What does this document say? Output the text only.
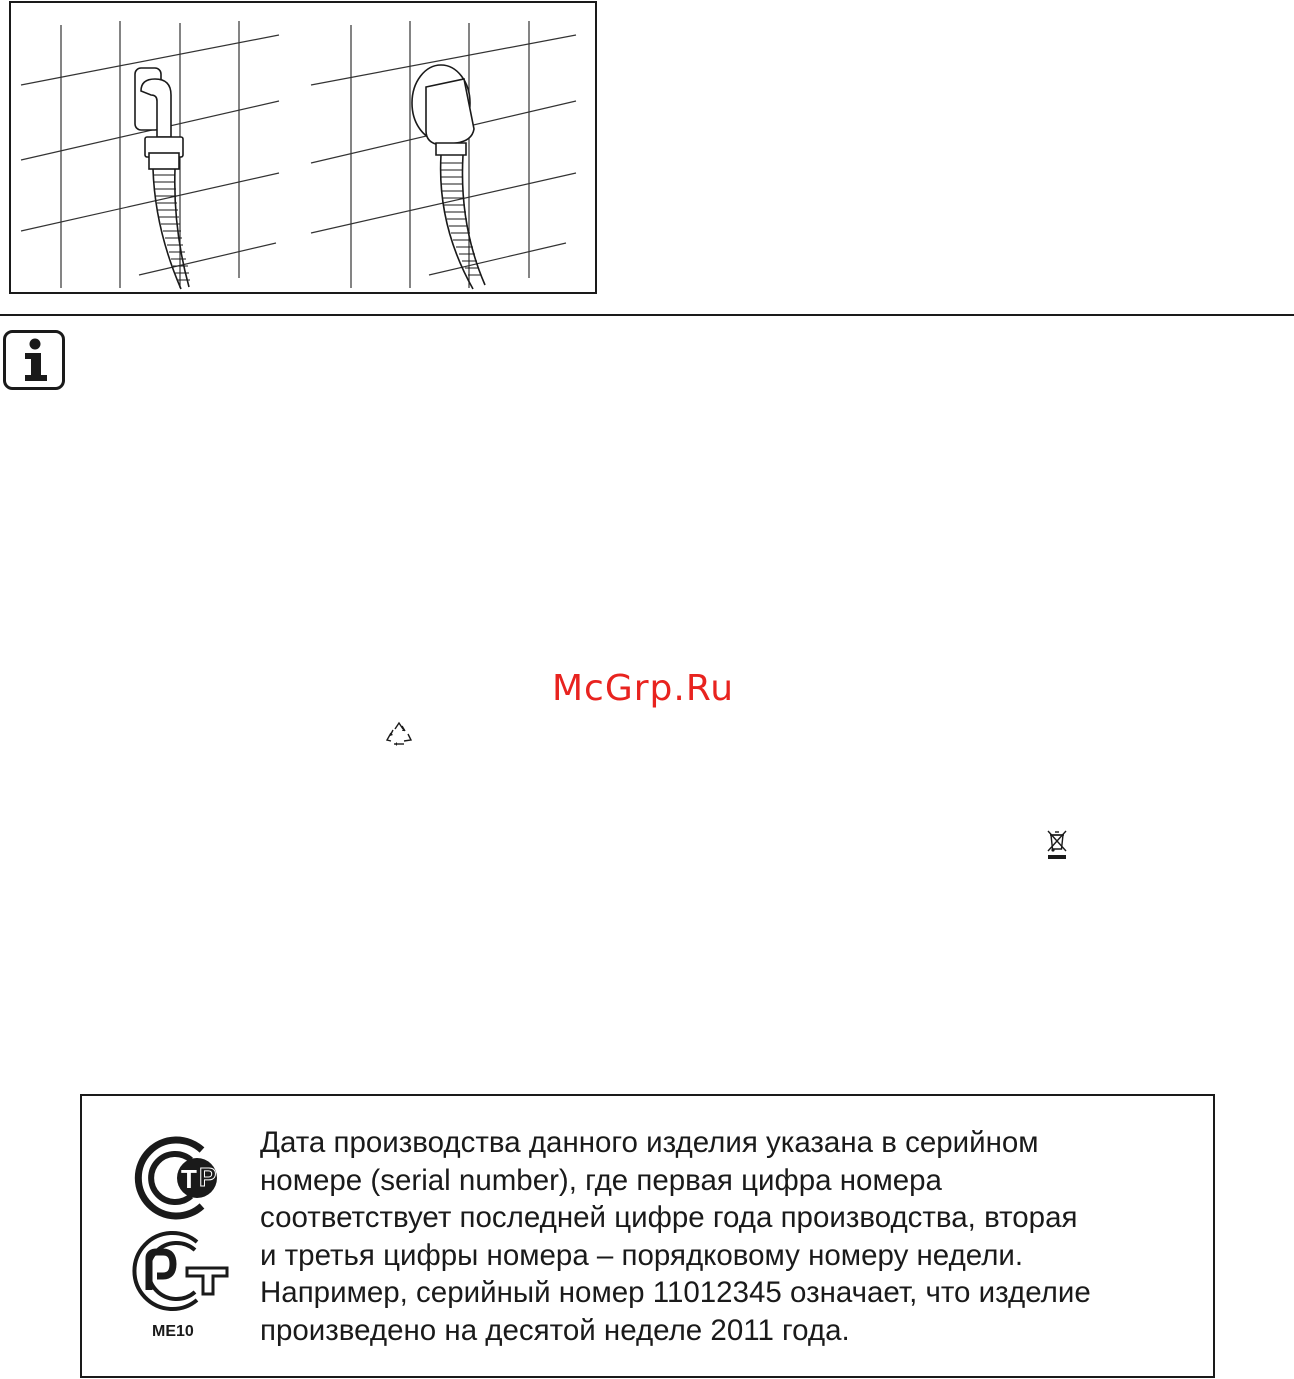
McGrp.Ru
T P
ME10
Дата производства данного изделия указана в серийном
номере (serial number), где первая цифра номера
соответствует последней цифре года производства, вторая
и третья цифры номера – порядковому номеру недели.
Например, серийный номер 11012345 означает, что изделие
произведено на десятой неделе 2011 года.
